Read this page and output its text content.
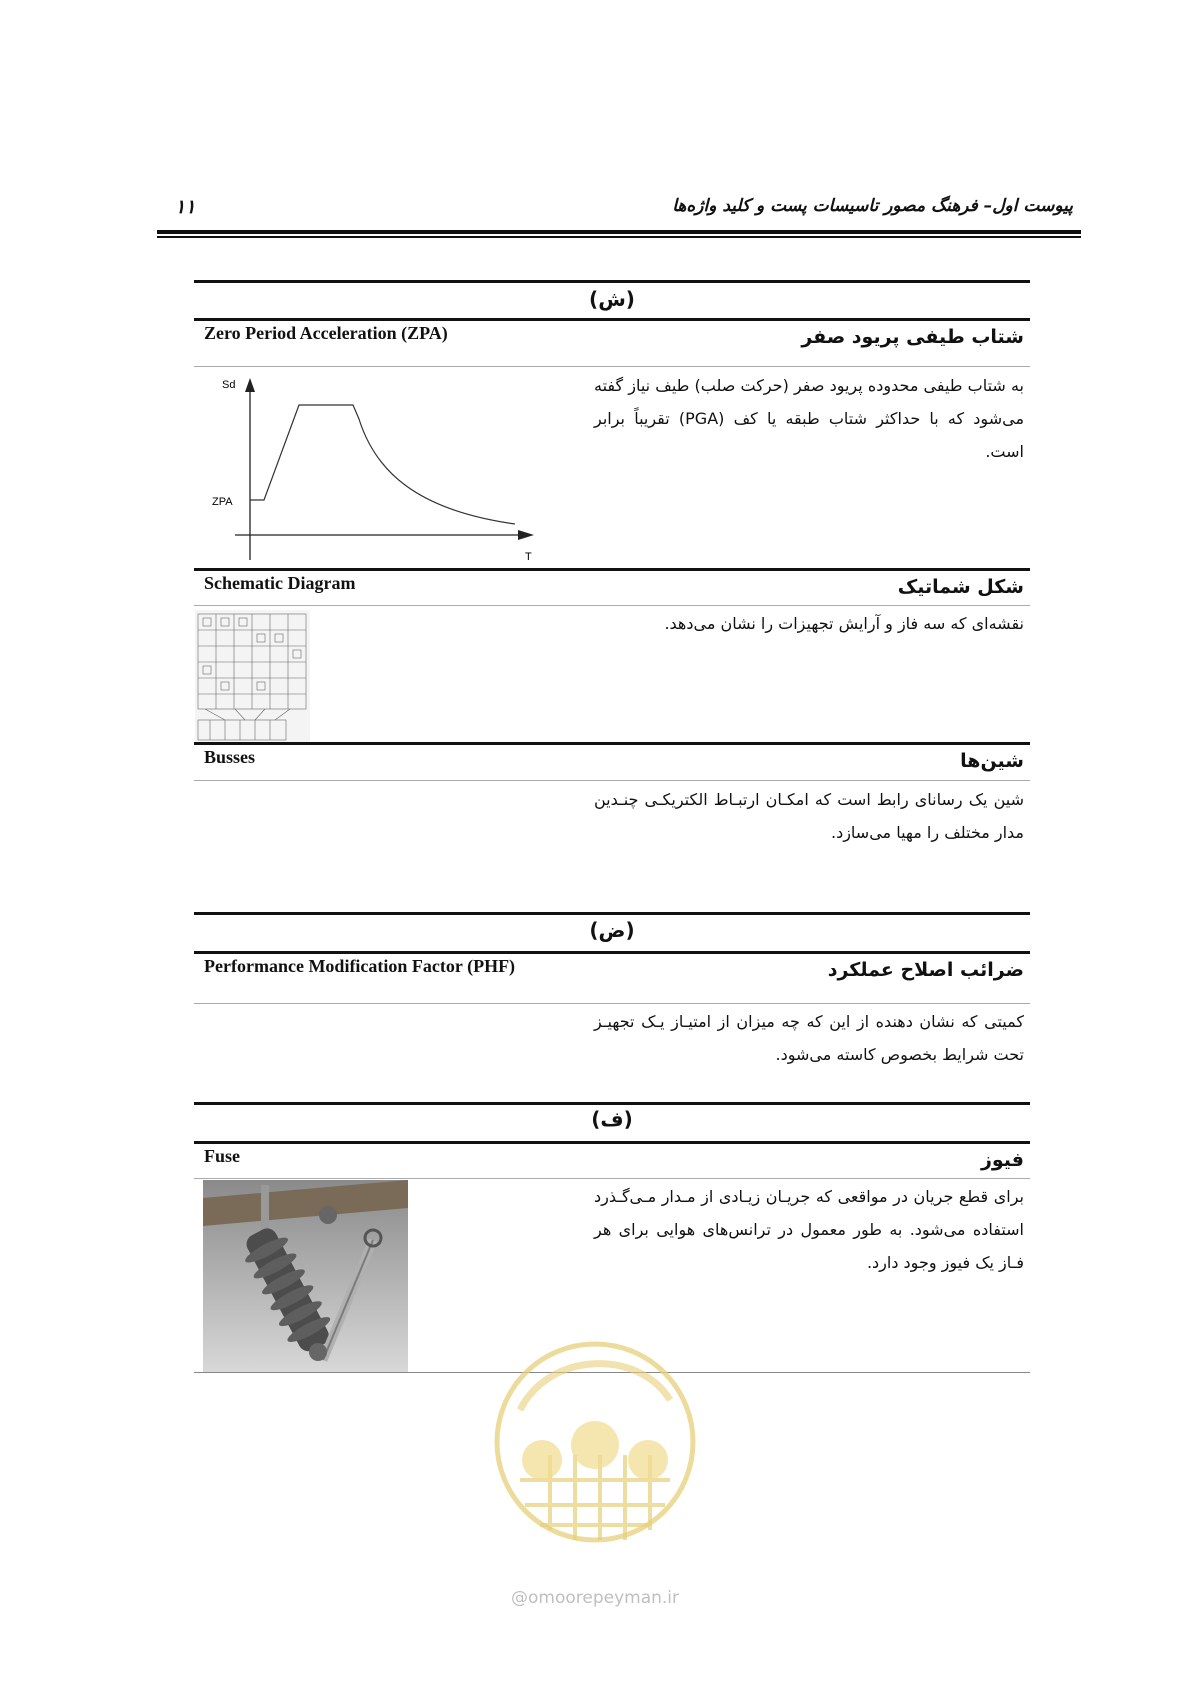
پیوست اول– فرهنگ مصور تاسیسات پست و کلید واژه‌ها
۱۱
(ش)
Zero Period Acceleration (ZPA)	شتاب طیفی پریود صفر
به شتاب طیفی محدوده پریود صفر (حرکت صلب) طیف نیاز گفته می‌شود که با حداکثر شتاب طبقه یا کف (PGA) تقریباً برابر است.
Sd
ZPA
T
Schematic Diagram	شکل شماتیک
نقشه‌ای که سه فاز و آرایش تجهیزات را نشان می‌دهد.
Busses	شین‌ها
شین یک رسانای رابط است که امکـان ارتبـاط الکتریکـی چنـدین مدار مختلف را مهیا می‌سازد.
(ض)
Performance Modification Factor (PHF)	ضرائب اصلاح عملکرد
کمیتی که نشان دهنده از این که چه میزان از امتیـاز یـک تجهیـز تحت شرایط بخصوص کاسته می‌شود.
(ف)
Fuse	فیوز
برای قطع جریان در مواقعی که جریـان زیـادی از مـدار مـی‌گـذرد استفاده می‌شود. به طور معمول در ترانس‌های هوایی برای هر فـاز یک فیوز وجود دارد.
@omoorepeyman.ir
